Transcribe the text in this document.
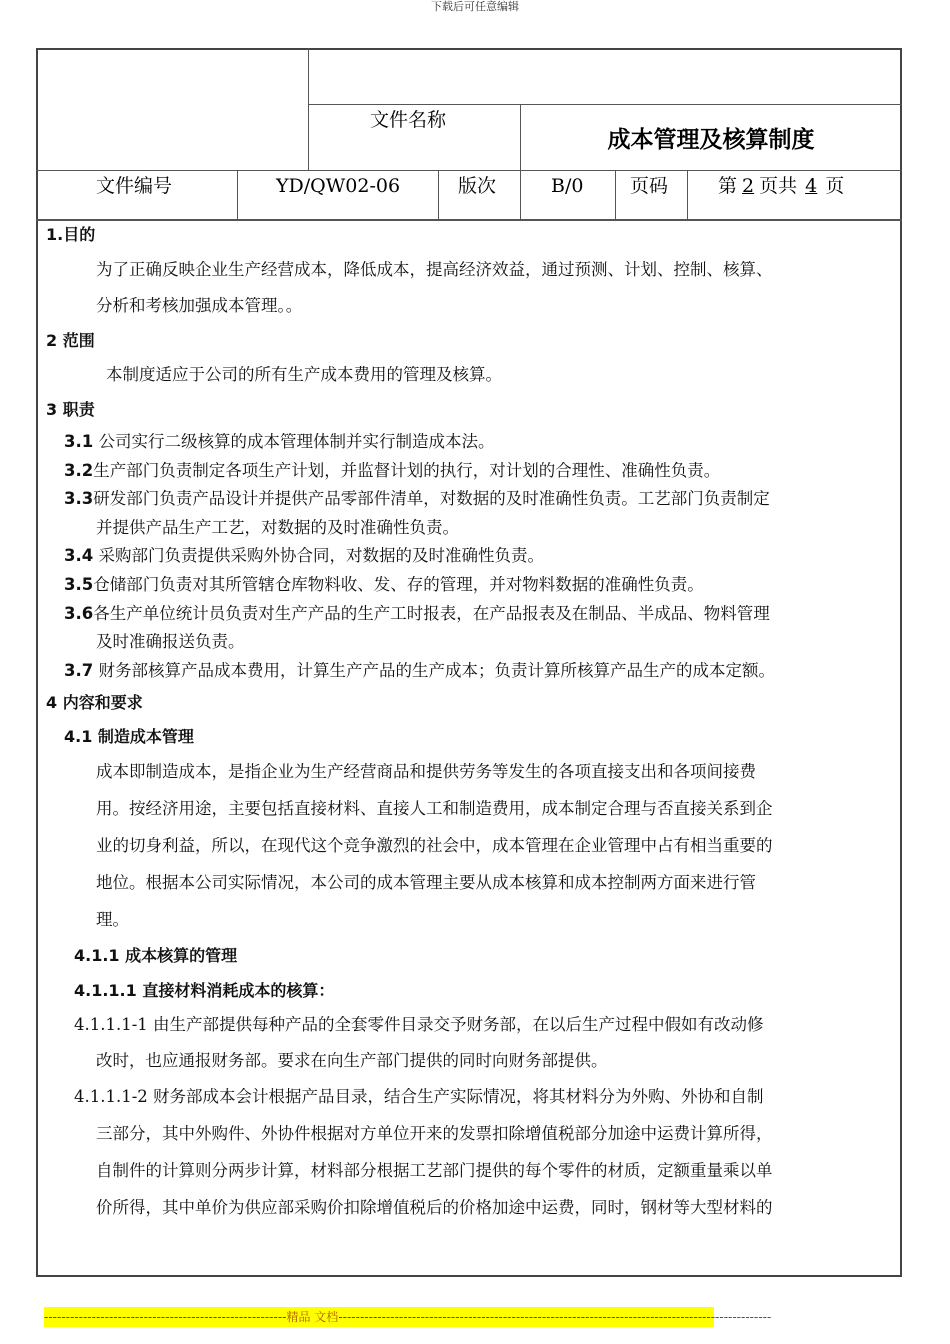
下载后可任意编辑
文件名称
成本管理及核算制度
文件编号	YD/QW02-06	版次	B/0 页码	第 2 页共 4 页
1.目的
为了正确反映企业生产经营成本，降低成本，提高经济效益，通过预测、计划、控制、核算、
分析和考核加强成本管理。。
2 范围
本制度适应于公司的所有生产成本费用的管理及核算。
3 职责
3.1 公司实行二级核算的成本管理体制并实行制造成本法。
3.2生产部门负责制定各项生产计划，并监督计划的执行，对计划的合理性、准确性负责。
3.3研发部门负责产品设计并提供产品零部件清单，对数据的及时准确性负责。工艺部门负责制定
并提供产品生产工艺，对数据的及时准确性负责。
3.4 采购部门负责提供采购外协合同，对数据的及时准确性负责。
3.5仓储部门负责对其所管辖仓库物料收、发、存的管理，并对物料数据的准确性负责。
3.6各生产单位统计员负责对生产产品的生产工时报表，在产品报表及在制品、半成品、物料管理
及时准确报送负责。
3.7 财务部核算产品成本费用，计算生产产品的生产成本；负责计算所核算产品生产的成本定额。
4 内容和要求
4.1 制造成本管理
成本即制造成本，是指企业为生产经营商品和提供劳务等发生的各项直接支出和各项间接费
用。按经济用途，主要包括直接材料、直接人工和制造费用，成本制定合理与否直接关系到企
业的切身利益，所以，在现代这个竞争激烈的社会中，成本管理在企业管理中占有相当重要的
地位。根据本公司实际情况，本公司的成本管理主要从成本核算和成本控制两方面来进行管
理。
4.1.1 成本核算的管理
4.1.1.1 直接材料消耗成本的核算：
4.1.1.1-1 由生产部提供每种产品的全套零件目录交予财务部，在以后生产过程中假如有改动修
改时，也应通报财务部。要求在向生产部门提供的同时向财务部提供。
4.1.1.1-2 财务部成本会计根据产品目录，结合生产实际情况，将其材料分为外购、外协和自制
三部分，其中外购件、外协件根据对方单位开来的发票扣除增值税部分加途中运费计算所得，
自制件的计算则分两步计算，材料部分根据工艺部门提供的每个零件的材质，定额重量乘以单
价所得，其中单价为供应部采购价扣除增值税后的价格加途中运费，同时，钢材等大型材料的
--------------------------------------------------------精品 文档----------------------------------------------------------------------------------------------------
